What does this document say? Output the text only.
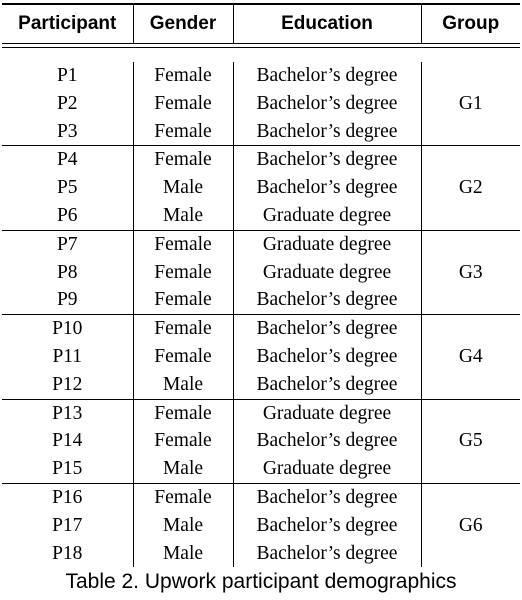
Participant	Gender	Education	Group

P1	Female	Bachelor’s degree	G1
P2	Female	Bachelor’s degree	
P3	Female	Bachelor’s degree	
P4	Female	Bachelor’s degree	G2
P5	Male	Bachelor’s degree	
P6	Male	Graduate degree	
P7	Female	Graduate degree	G3
P8	Female	Graduate degree	
P9	Female	Bachelor’s degree	
P10	Female	Bachelor’s degree	G4
P11	Female	Bachelor’s degree	
P12	Male	Bachelor’s degree	
P13	Female	Graduate degree	G5
P14	Female	Bachelor’s degree	
P15	Male	Graduate degree	
P16	Female	Bachelor’s degree	G6
P17	Male	Bachelor’s degree	
P18	Male	Bachelor’s degree	
Table 2. Upwork participant demographics
